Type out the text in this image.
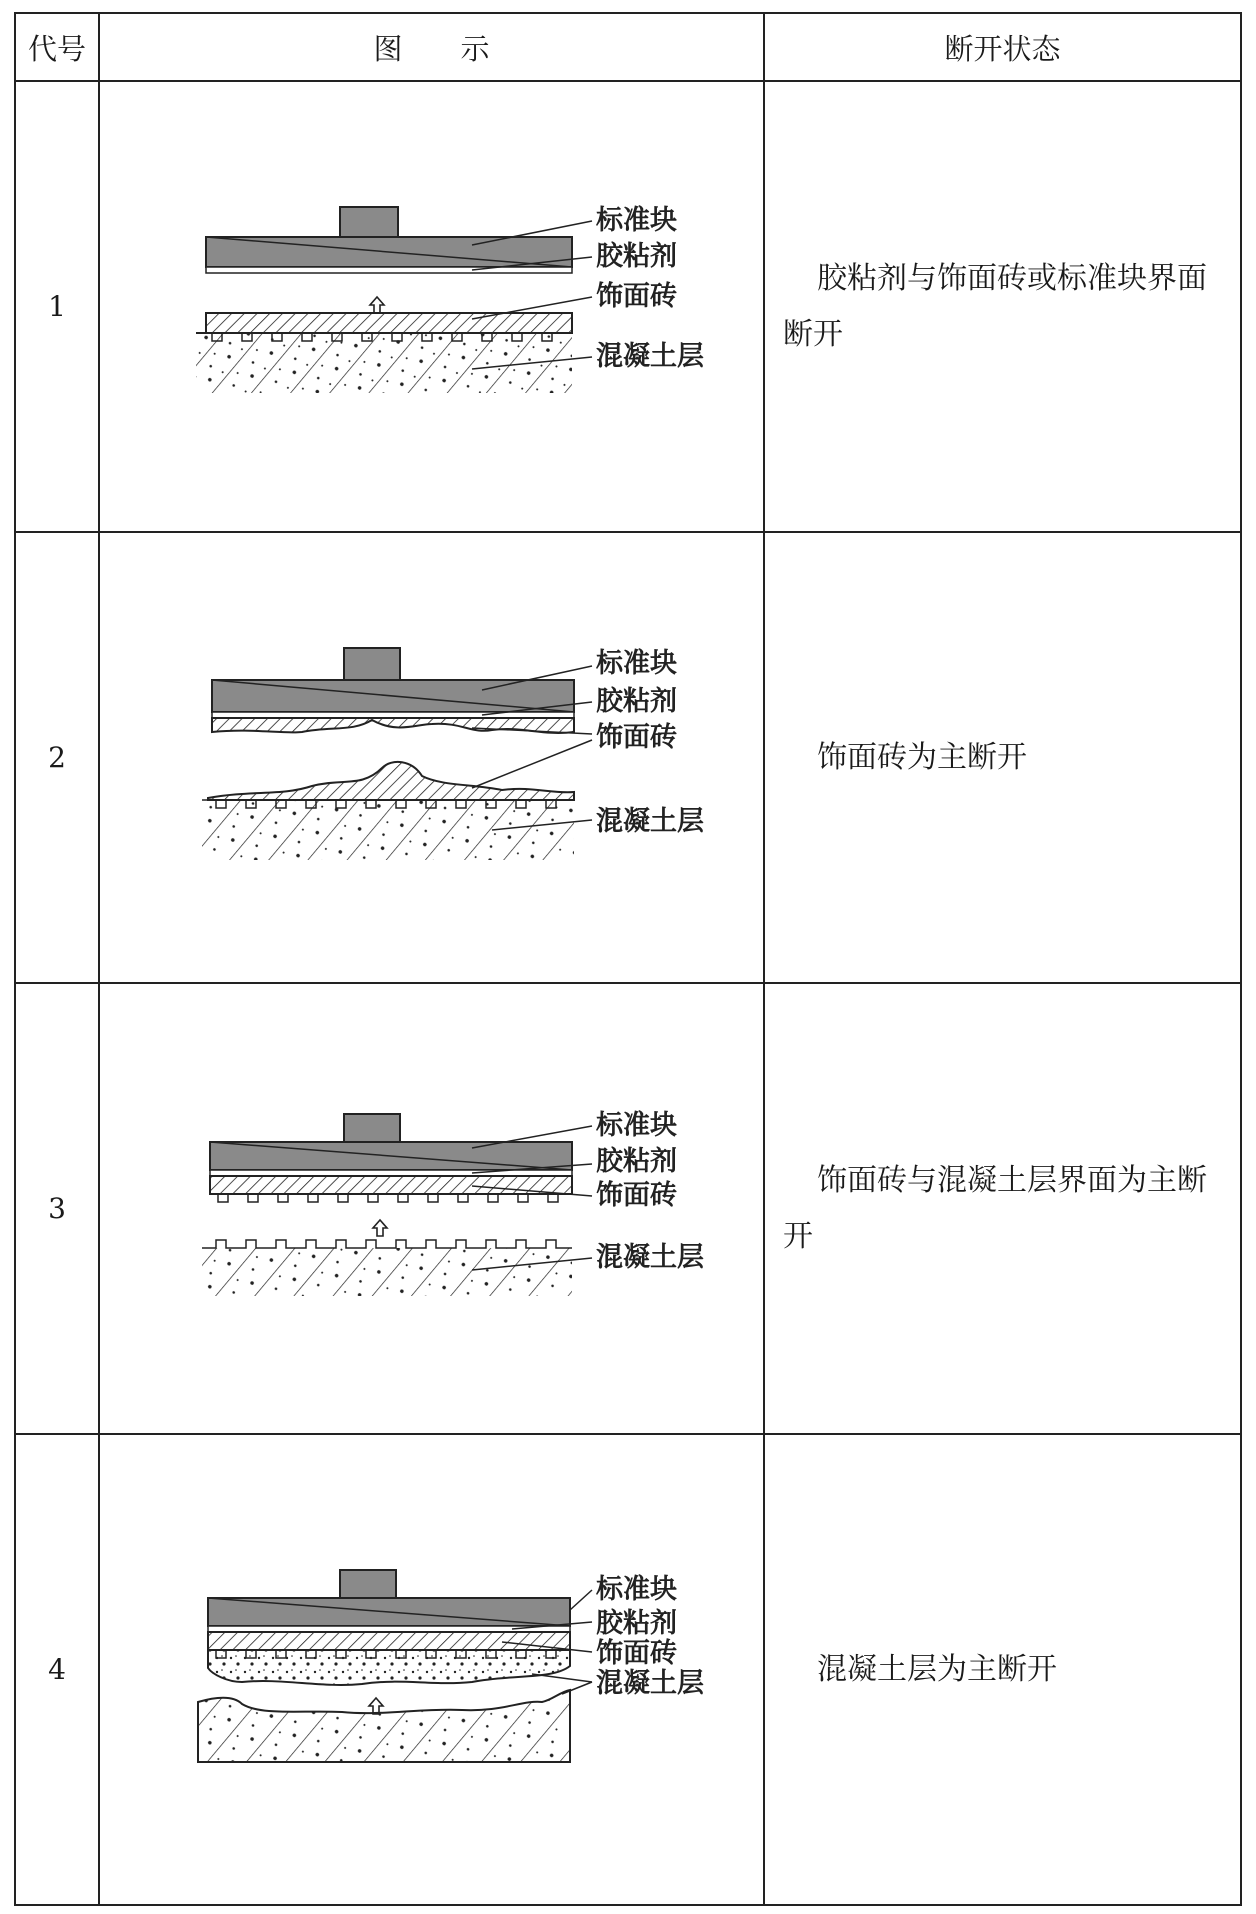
代号	图　　示	断开状态
1	标准块
胶粘剂
饰面砖
混凝土层	胶粘剂与饰面砖或标准块界面断开
2	标准块
胶粘剂
饰面砖
混凝土层	饰面砖为主断开
3	标准块
胶粘剂
饰面砖
混凝土层	饰面砖与混凝土层界面为主断开
4	标准块
胶粘剂
饰面砖
混凝土层	混凝土层为主断开
